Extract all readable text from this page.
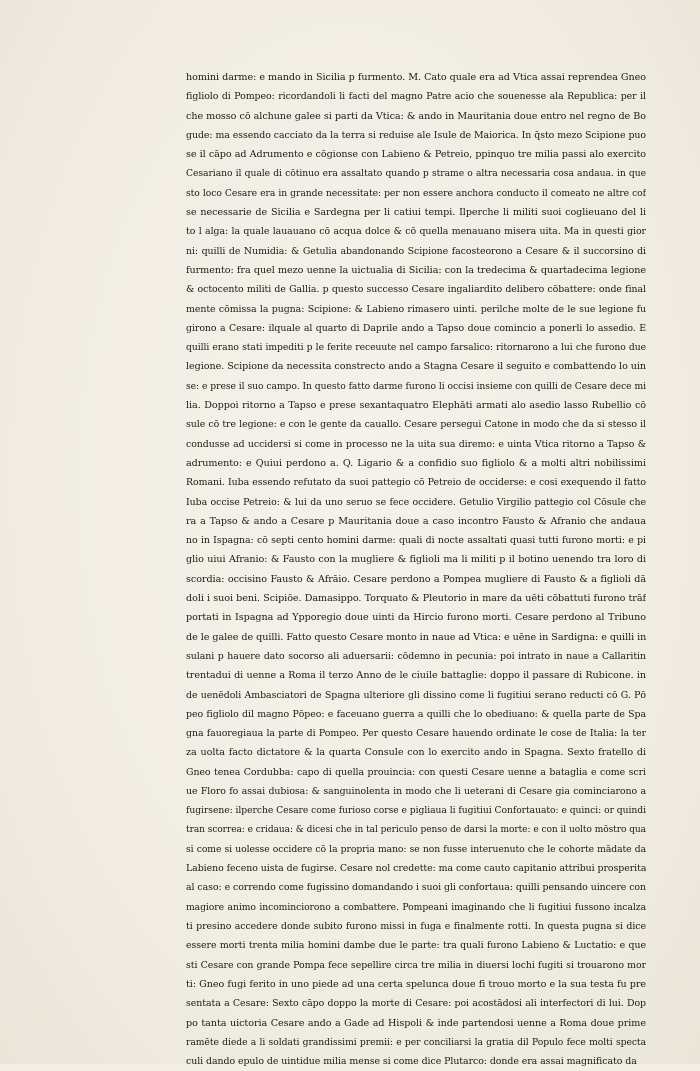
homini darme: e mando in Sicilia p furmento. M. Cato quale era ad Vtica assai reprendea Gneo
figliolo di Pompeo: ricordandoli li facti del magno Patre acio che souenesse ala Republica: per il
che mosso cō alchune galee si parti da Vtica: & ando in Mauritania doue entro nel regno de Bo
gude: ma essendo cacciato da la terra si reduise ale Isule de Maiorica. In q̄sto mezo Scipione puo
se il cāpo ad Adrumento e cōgionse con Labieno & Petreio, ppinquo tre milia passi alo exercito
Cesariano il quale di cōtinuo era assaltato quando p strame o altra necessaria cosa andaua. in que
sto loco Cesare era in grande necessitate: per non essere anchora conducto il comeato ne altre cof
se necessarie de Sicilia e Sardegna per li catiui tempi. Ilperche li militi suoi coglieuano del li
to l alga: la quale lauauano cō acqua dolce & cō quella menauano misera uita. Ma in questi gior
ni: quilli de Numidia: & Getulia abandonando Scipione facosteorono a Cesare & il succorsino di
furmento: fra quel mezo uenne la uictualia di Sicilia: con la tredecima & quartadecima legione
& octocento militi de Gallia. p questo successo Cesare ingaliardito delibero cōbattere: onde final
mente cōmissa la pugna: Scipione: & Labieno rimasero uinti. perilche molte de le sue legione fu
girono a Cesare: ilquale al quarto di Daprile ando a Tapso doue comincio a ponerli lo assedio. E
quilli erano stati impediti p le ferite receuute nel campo farsalico: ritornarono a lui che furono due
legione. Scipione da necessita constrecto ando a Stagna Cesare il seguito e combattendo lo uin
se: e prese il suo campo. In questo fatto darme furono li occisi insieme con quilli de Cesare dece mi
lia. Doppoi ritorno a Tapso e prese sexantaquatro Elephāti armati alo asedio lasso Rubellio cō
sule cō tre legione: e con le gente da cauallo. Cesare persegui Catone in modo che da si stesso il
condusse ad uccidersi si come in processo ne la uita sua diremo: e uinta Vtica ritorno a Tapso &
adrumento: e Quiui perdono a. Q. Ligario & a confidio suo figliolo & a molti altri nobilissimi
Romani. Iuba essendo refutato da suoi pattegio cō Petreio de occiderse: e cosi exequendo il fatto
Iuba occise Petreio: & lui da uno seruo se fece occidere. Getulio Virgilio pattegio col Cōsule che
ra a Tapso & ando a Cesare p Mauritania doue a caso incontro Fausto & Afranio che andaua
no in Ispagna: cō septi cento homini darme: quali di nocte assaltati quasi tutti furono morti: e pi
glio uiui Afranio: & Fausto con la mugliere & figlioli ma li militi p il botino uenendo tra loro di
scordia: occisino Fausto & Afrāio. Cesare perdono a Pompea mugliere di Fausto & a figlioli dā
doli i suoi beni. Scipiōe. Damasippo. Torquato & Pleutorio in mare da uēti cōbattuti furono trāf
portati in Ispagna ad Ypporegio doue uinti da Hircio furono morti. Cesare perdono al Tribuno
de le galee de quilli. Fatto questo Cesare monto in naue ad Vtica: e uēne in Sardigna: e quilli in
sulani p hauere dato socorso ali aduersarii: cōdemno in pecunia: poi intrato in naue a Callaritin
trentadui di uenne a Roma il terzo Anno de le ciuile battaglie: doppo il passare di Rubicone. in
de uenēdoli Ambasciatori de Spagna ulteriore gli dissino come li fugitiui serano reducti cō G. Pō
peo figliolo dil magno Pōpeo: e faceuano guerra a quilli che lo obediuano: & quella parte de Spa
gna fauoregiaua la parte di Pompeo. Per questo Cesare hauendo ordinate le cose de Italia: la ter
za uolta facto dictatore & la quarta Consule con lo exercito ando in Spagna. Sexto fratello di
Gneo tenea Cordubba: capo di quella prouincia: con questi Cesare uenne a bataglia e come scri
ue Floro fo assai dubiosa: & sanguinolenta in modo che li ueterani di Cesare gia cominciarono a
fugirsene: ilperche Cesare come furioso corse e pigliaua li fugitiui Confortauato: e quinci: or quindi
tran scorrea: e cridaua: & dicesi che in tal periculo penso de darsi la morte: e con il uolto mōstro qua
si come si uolesse occidere cō la propria mano: se non fusse interuenuto che le cohorte mādate da
Labieno feceno uista de fugirse. Cesare nol credette: ma come cauto capitanio attribui prosperita
al caso: e correndo come fugissino domandando i suoi gli confortaua: quilli pensando uincere con
magiore animo incominciorono a combattere. Pompeani imaginando che li fugitiui fussono incalza
ti presino accedere donde subito furono missi in fuga e finalmente rotti. In questa pugna si dice
essere morti trenta milia homini dambe due le parte: tra quali furono Labieno & Luctatio: e que
sti Cesare con grande Pompa fece sepellire circa tre milia in diuersi lochi fugiti si trouarono mor
ti: Gneo fugi ferito in uno piede ad una certa spelunca doue fi trouo morto e la sua testa fu pre
sentata a Cesare: Sexto cāpo doppo la morte di Cesare: poi acostādosi ali interfectori di lui. Dop
po tanta uictoria Cesare ando a Gade ad Hispoli & inde partendosi uenne a Roma doue prime
ramēte diede a li soldati grandissimi premii: e per conciliarsi la gratia dil Populo fece molti specta
culi dando epulo de uintidue milia mense si come dice Plutarco: donde era assai magnificato da
